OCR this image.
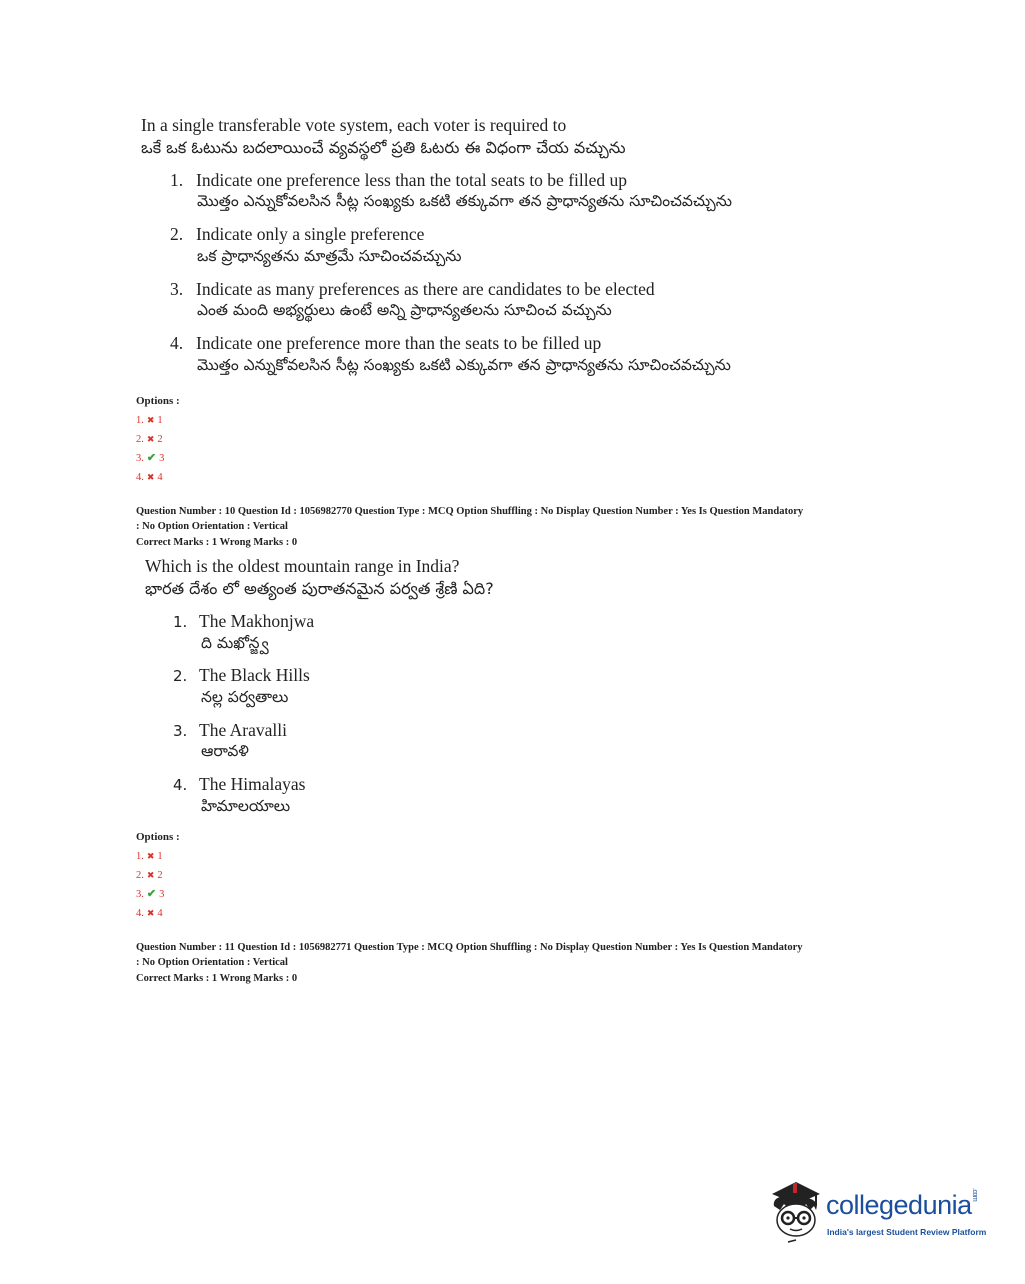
In a single transferable vote system, each voter is required to
ఒకే ఒక ఓటును బదలాయించే వ్యవస్థలో ప్రతి ఓటరు ఈ విధంగా చేయ వచ్చును
1. Indicate one preference less than the total seats to be filled up
మొత్తం ఎన్నుకోవలసిన సీట్ల సంఖ్యకు ఒకటి తక్కువగా తన ప్రాధాన్యతను సూచించవచ్చును
2. Indicate only a single preference
ఒక ప్రాధాన్యతను మాత్రమే సూచించవచ్చును
3. Indicate as many preferences as there are candidates to be elected
ఎంత మంది అభ్యర్థులు ఉంటే అన్ని ప్రాధాన్యతలను సూచించ వచ్చును
4. Indicate one preference more than the seats to be filled up
మొత్తం ఎన్నుకోవలసిన సీట్ల సంఖ్యకు ఒకటి ఎక్కువగా తన ప్రాధాన్యతను సూచించవచ్చును
Options :
1. ✖ 1
2. ✖ 2
3. ✔ 3
4. ✖ 4
Question Number : 10 Question Id : 1056982770 Question Type : MCQ Option Shuffling : No Display Question Number : Yes Is Question Mandatory
: No Option Orientation : Vertical
Correct Marks : 1 Wrong Marks : 0
Which is the oldest mountain range in India?
భారత దేశం లో అత్యంత పురాతనమైన పర్వత శ్రేణి ఏది?
1. The Makhonjwa
ది మఖోన్జ్వ
2. The Black Hills
నల్ల పర్వతాలు
3. The Aravalli
ఆరావళి
4. The Himalayas
హిమాలయాలు
Options :
1. ✖ 1
2. ✖ 2
3. ✔ 3
4. ✖ 4
Question Number : 11 Question Id : 1056982771 Question Type : MCQ Option Shuffling : No Display Question Number : Yes Is Question Mandatory
: No Option Orientation : Vertical
Correct Marks : 1 Wrong Marks : 0
collegedunia.com
India's largest Student Review Platform
